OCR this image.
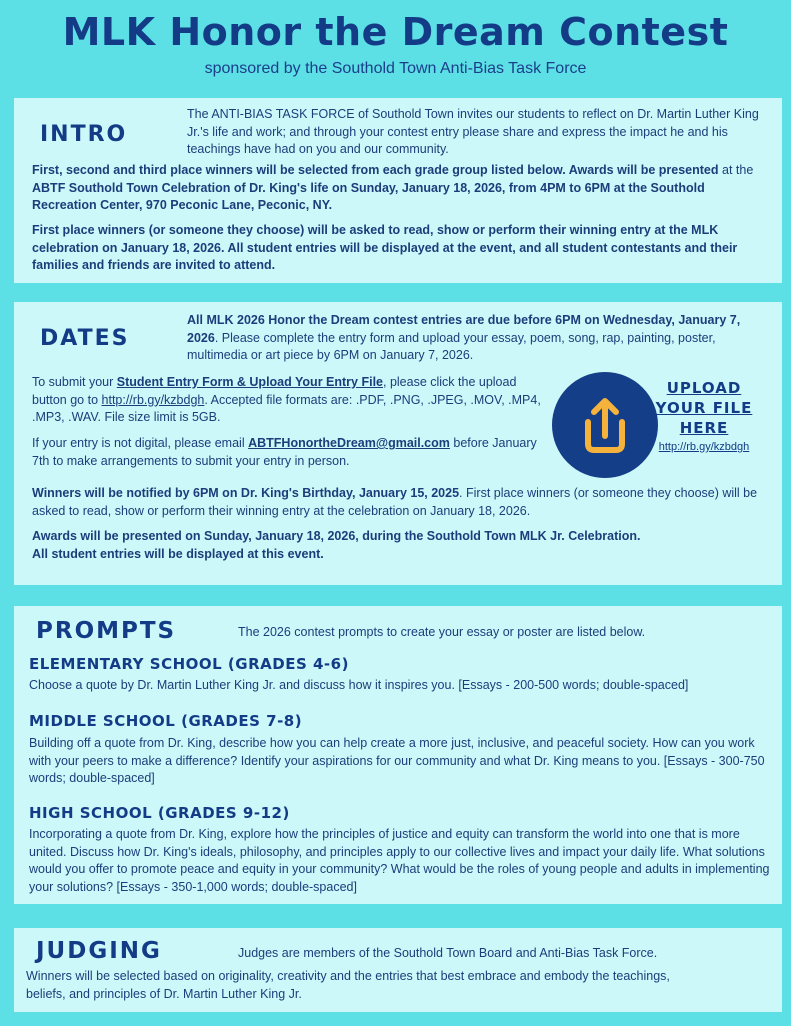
MLK Honor the Dream Contest
sponsored by the Southold Town Anti-Bias Task Force
INTRO
The ANTI-BIAS TASK FORCE of Southold Town invites our students to reflect on Dr. Martin Luther King Jr.'s life and work; and through your contest entry please share and express the impact he and his teachings have had on you and our community.
First, second and third place winners will be selected from each grade group listed below. Awards will be presented at the ABTF Southold Town Celebration of Dr. King's life on Sunday, January 18, 2026, from 4PM to 6PM at the Southold Recreation Center, 970 Peconic Lane, Peconic, NY.
First place winners (or someone they choose) will be asked to read, show or perform their winning entry at the MLK celebration on January 18, 2026. All student entries will be displayed at the event, and all student contestants and their families and friends are invited to attend.
DATES
All MLK 2026 Honor the Dream contest entries are due before 6PM on Wednesday, January 7, 2026. Please complete the entry form and upload your essay, poem, song, rap, painting, poster, multimedia or art piece by 6PM on January 7, 2026.
To submit your Student Entry Form & Upload Your Entry File, please click the upload button go to http://rb.gy/kzbdgh. Accepted file formats are: .PDF, .PNG, .JPEG, .MOV, .MP4, .MP3, .WAV. File size limit is 5GB.
If your entry is not digital, please email ABTFHonortheDream@gmail.com before January 7th to make arrangements to submit your entry in person.
Winners will be notified by 6PM on Dr. King's Birthday, January 15, 2025. First place winners (or someone they choose) will be asked to read, show or perform their winning entry at the celebration on January 18, 2026.
Awards will be presented on Sunday, January 18, 2026, during the Southold Town MLK Jr. Celebration.
All student entries will be displayed at this event.
UPLOAD YOUR FILE HERE
http://rb.gy/kzbdgh
PROMPTS	The 2026 contest prompts to create your essay or poster are listed below.
ELEMENTARY SCHOOL (GRADES 4-6)
Choose a quote by Dr. Martin Luther King Jr. and discuss how it inspires you. [Essays - 200-500 words; double-spaced]
MIDDLE SCHOOL (GRADES 7-8)
Building off a quote from Dr. King, describe how you can help create a more just, inclusive, and peaceful society. How can you work with your peers to make a difference? Identify your aspirations for our community and what Dr. King means to you. [Essays - 300-750 words; double-spaced]
HIGH SCHOOL (GRADES 9-12)
Incorporating a quote from Dr. King, explore how the principles of justice and equity can transform the world into one that is more united. Discuss how Dr. King's ideals, philosophy, and principles apply to our collective lives and impact your daily life. What solutions would you offer to promote peace and equity in your community? What would be the roles of young people and adults in implementing your solutions? [Essays - 350-1,000 words; double-spaced]
JUDGING	Judges are members of the Southold Town Board and Anti-Bias Task Force.
Winners will be selected based on originality, creativity and the entries that best embrace and embody the teachings, beliefs, and principles of Dr. Martin Luther King Jr.
